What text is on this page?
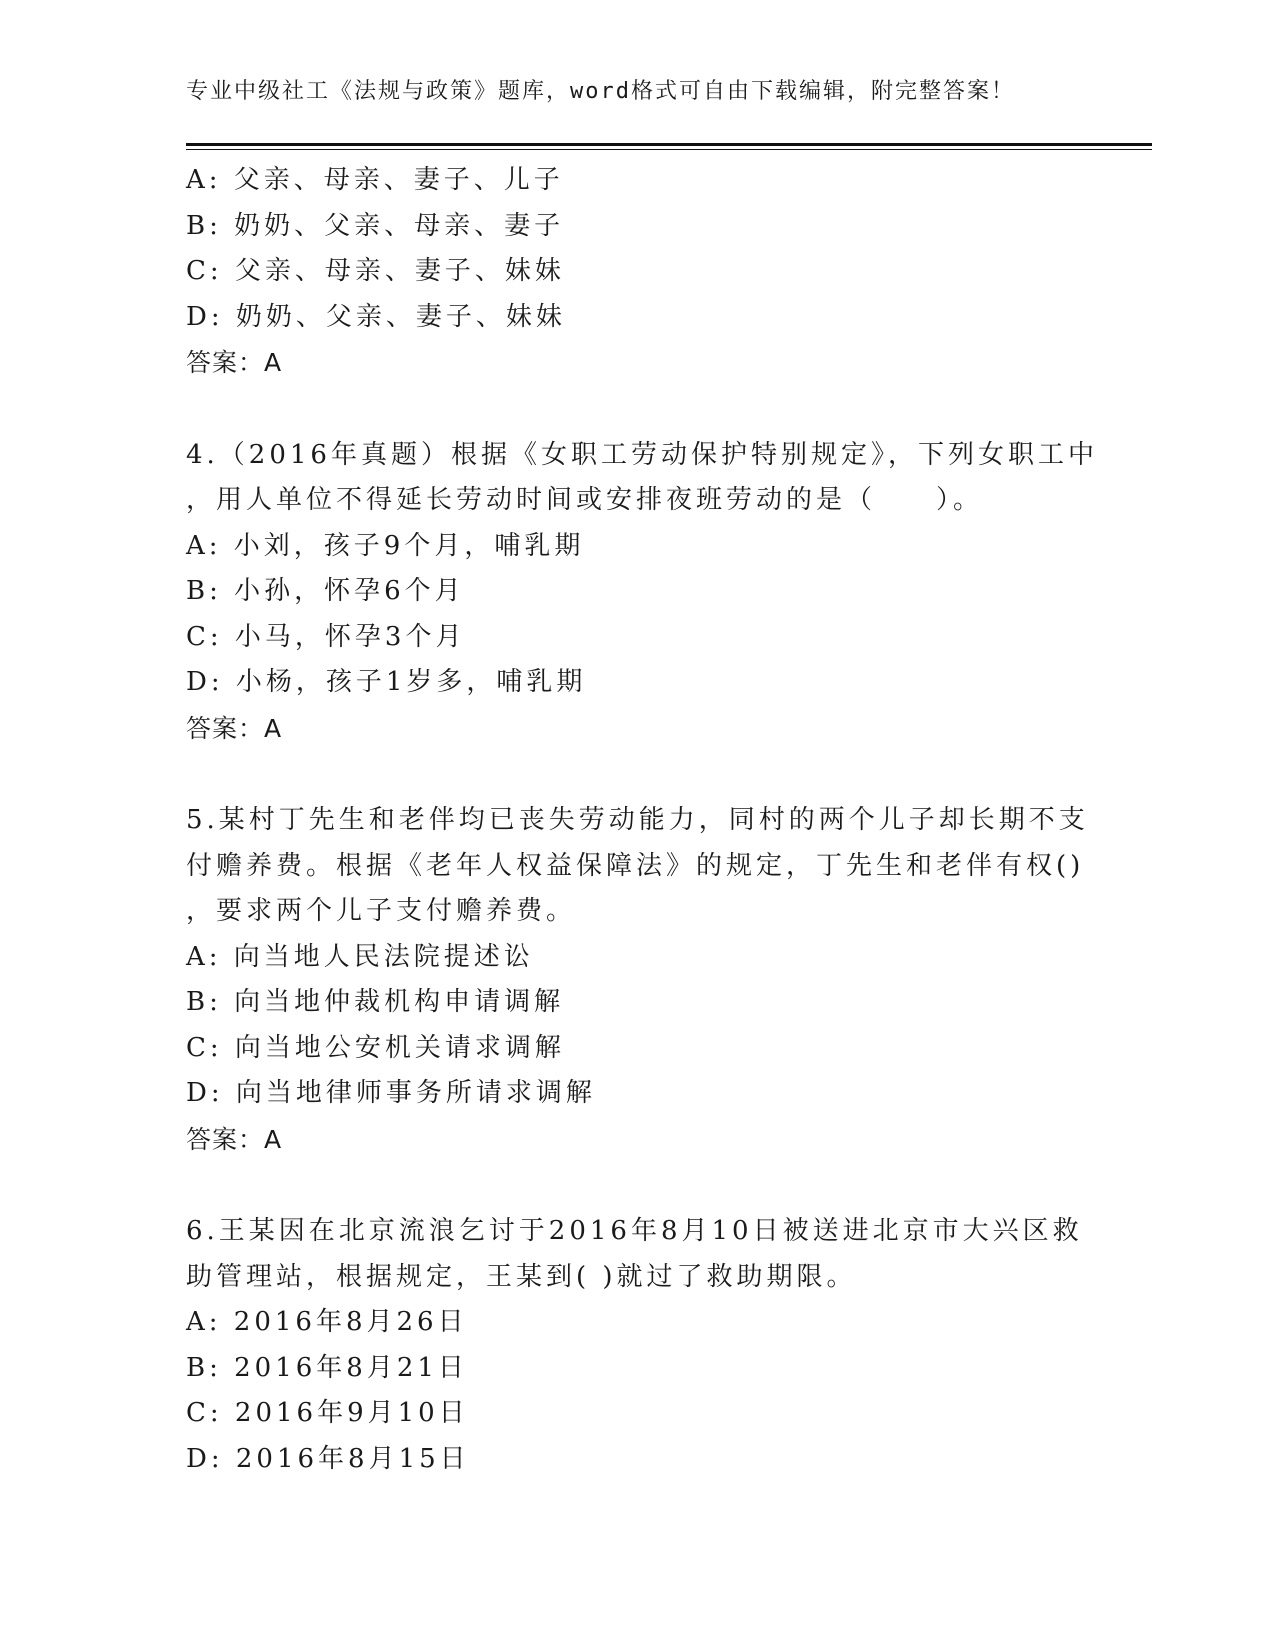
专业中级社工《法规与政策》题库，word格式可自由下载编辑，附完整答案！
A: 父亲、母亲、妻子、儿子
B: 奶奶、父亲、母亲、妻子
C: 父亲、母亲、妻子、妹妹
D: 奶奶、父亲、妻子、妹妹
答案：A
4.（2016年真题）根据《女职工劳动保护特别规定》，下列女职工中
，用人单位不得延长劳动时间或安排夜班劳动的是（　　）。
A: 小刘，孩子9个月，哺乳期
B: 小孙，怀孕6个月
C: 小马，怀孕3个月
D: 小杨，孩子1岁多，哺乳期
答案：A
5.某村丁先生和老伴均已丧失劳动能力，同村的两个儿子却长期不支
付赡养费。根据《老年人权益保障法》的规定，丁先生和老伴有权()
，要求两个儿子支付赡养费。
A: 向当地人民法院提述讼
B: 向当地仲裁机构申请调解
C: 向当地公安机关请求调解
D: 向当地律师事务所请求调解
答案：A
6.王某因在北京流浪乞讨于2016年8月10日被送进北京市大兴区救
助管理站，根据规定，王某到( )就过了救助期限。
A: 2016年8月26日
B: 2016年8月21日
C: 2016年9月10日
D: 2016年8月15日
